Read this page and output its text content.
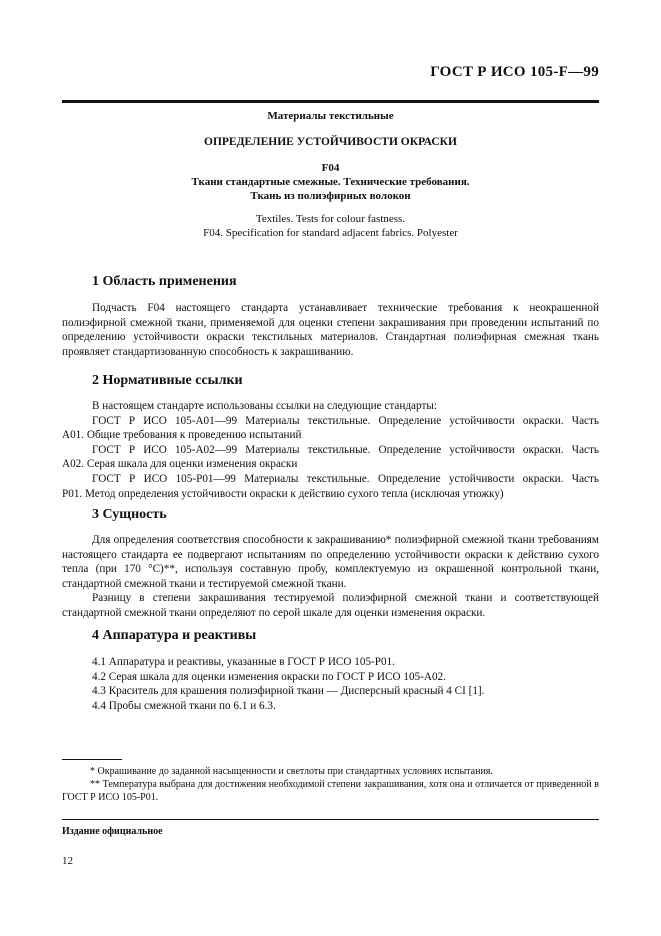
ГОСТ Р ИСО 105-F—99
Материалы текстильные
ОПРЕДЕЛЕНИЕ УСТОЙЧИВОСТИ ОКРАСКИ
F04
Ткани стандартные смежные. Технические требования.
Ткань из полиэфирных волокон
Textiles. Tests for colour fastness.
F04. Specification for standard adjacent fabrics. Polyester
1 Область применения

Подчасть F04 настоящего стандарта устанавливает технические требования к неокрашенной полиэфирной смежной ткани, применяемой для оценки степени закрашивания при проведении испытаний по определению устойчивости окраски текстильных материалов. Стандартная полиэфирная смежная ткань проявляет стандартизованную способность к закрашиванию.

2 Нормативные ссылки
В настоящем стандарте использованы ссылки на следующие стандарты:
ГОСТ Р ИСО 105-А01—99 Материалы текстильные. Определение устойчивости окраски. Часть
А01. Общие требования к проведению испытаний
ГОСТ Р ИСО 105-А02—99 Материалы текстильные. Определение устойчивости окраски. Часть
А02. Серая шкала для оценки изменения окраски
ГОСТ Р ИСО 105-Р01—99 Материалы текстильные. Определение устойчивости окраски. Часть
Р01. Метод определения устойчивости окраски к действию сухого тепла (исключая утюжку)
3 Сущность

Для определения соответствия способности к закрашиванию* полиэфирной смежной ткани требованиям настоящего стандарта ее подвергают испытаниям по определению устойчивости окраски к действию сухого тепла (при 170 °С)**, используя составную пробу, комплектуемую из окрашенной контрольной ткани, стандартной смежной ткани и тестируемой смежной ткани.

Разницу в степени закрашивания тестируемой полиэфирной смежной ткани и соответствующей стандартной смежной ткани определяют по серой шкале для оценки изменения окраски.

4 Аппаратура и реактивы
4.1 Аппаратура и реактивы, указанные в ГОСТ Р ИСО 105-Р01.
4.2 Серая шкала для оценки изменения окраски по ГОСТ Р ИСО 105-А02.
4.3 Краситель для крашения полиэфирной ткани — Дисперсный красный 4 CI [1].
4.4 Пробы смежной ткани по 6.1 и 6.3.

* Окрашивание до заданной насыщенности и светлоты при стандартных условиях испытания.

** Температура выбрана для достижения необходимой степени закрашивания, хотя она и отличается от приведенной в ГОСТ Р ИСО 105-Р01.

Издание официальное
12
